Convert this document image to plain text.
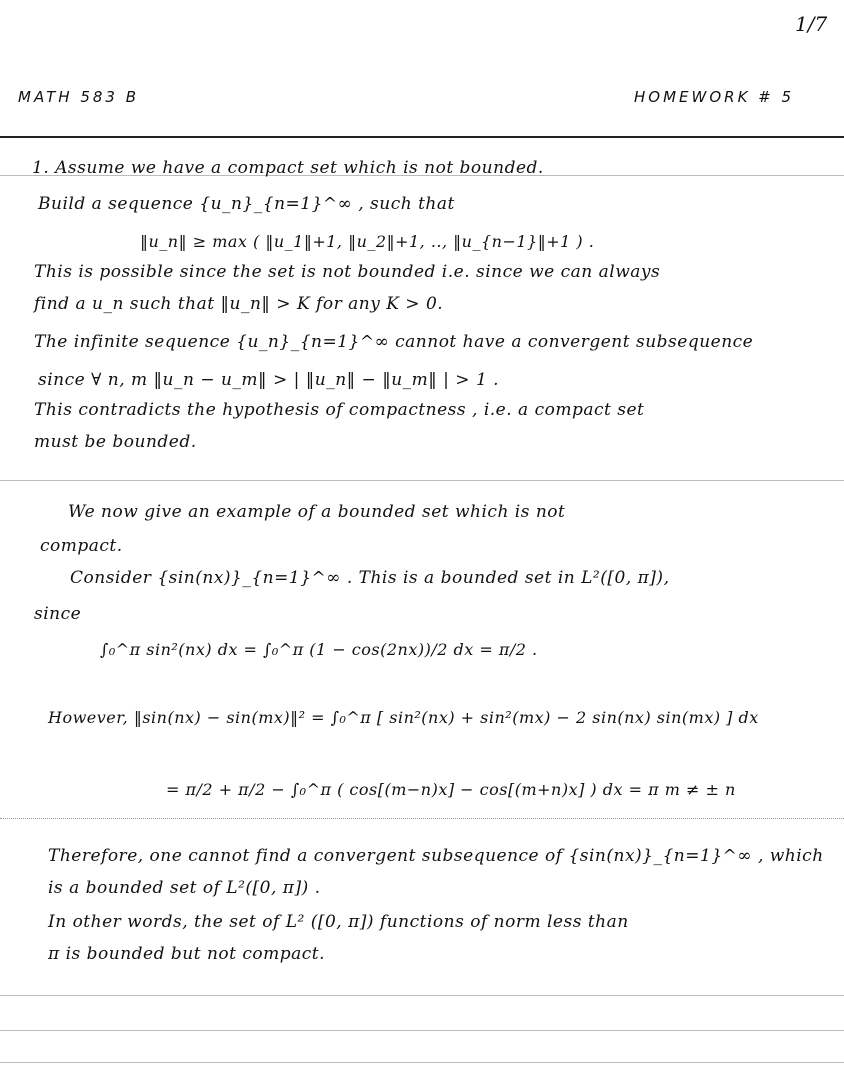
1/7
MATH 583 B	HOMEWORK # 5
1. Assume we have a compact set which is not bounded.
Build a sequence {u_n}_{n=1}^∞ , such that
‖u_n‖ ≥ max ( ‖u_1‖+1, ‖u_2‖+1, .., ‖u_{n−1}‖+1 ) .
This is possible since the set is not bounded i.e. since we can always
find a u_n such that ‖u_n‖ > K for any K > 0.
The infinite sequence {u_n}_{n=1}^∞ cannot have a convergent subsequence
since ∀ n, m ‖u_n − u_m‖ > | ‖u_n‖ − ‖u_m‖ | > 1 .
This contradicts the hypothesis of compactness , i.e. a compact set
must be bounded.
We now give an example of a bounded set which is not
compact.
Consider {sin(nx)}_{n=1}^∞ . This is a bounded set in L²([0, π]),
since
∫₀^π sin²(nx) dx = ∫₀^π (1 − cos(2nx))/2 dx = π/2 .
However, ‖sin(nx) − sin(mx)‖² = ∫₀^π [ sin²(nx) + sin²(mx) − 2 sin(nx) sin(mx) ] dx
= π/2 + π/2 − ∫₀^π ( cos[(m−n)x] − cos[(m+n)x] ) dx = π m ≠ ± n
Therefore, one cannot find a convergent subsequence of {sin(nx)}_{n=1}^∞ , which
is a bounded set of L²([0, π]) .
In other words, the set of L² ([0, π]) functions of norm less than
π is bounded but not compact.
